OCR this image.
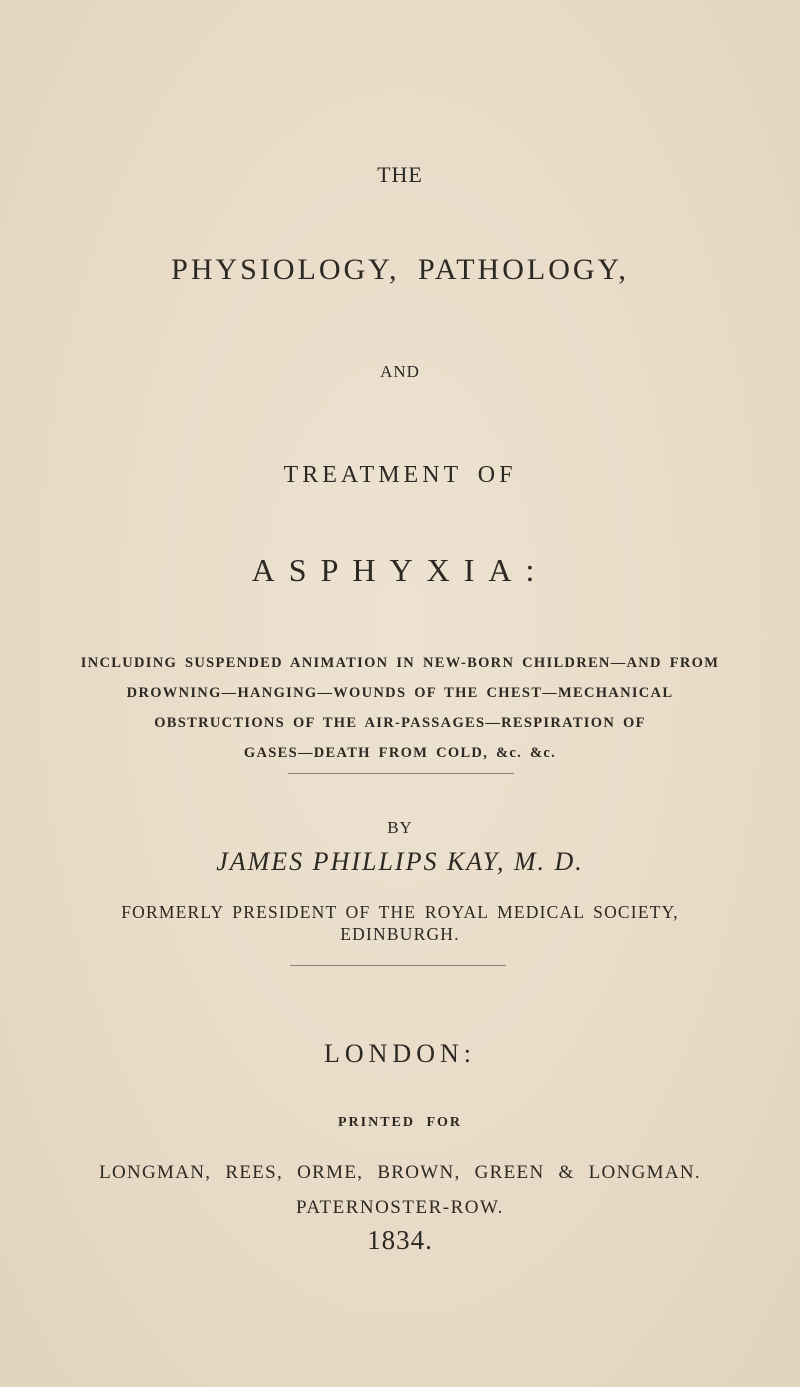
THE
PHYSIOLOGY, PATHOLOGY,
AND
TREATMENT OF
ASPHYXIA:
INCLUDING SUSPENDED ANIMATION IN NEW-BORN CHILDREN—AND FROM
DROWNING—HANGING—WOUNDS OF THE CHEST—MECHANICAL
OBSTRUCTIONS OF THE AIR-PASSAGES—RESPIRATION OF
GASES—DEATH FROM COLD, &c. &c.
BY
JAMES PHILLIPS KAY, M. D.
FORMERLY PRESIDENT OF THE ROYAL MEDICAL SOCIETY,
EDINBURGH.
LONDON:
PRINTED FOR
LONGMAN, REES, ORME, BROWN, GREEN & LONGMAN.
PATERNOSTER-ROW.
1834.
